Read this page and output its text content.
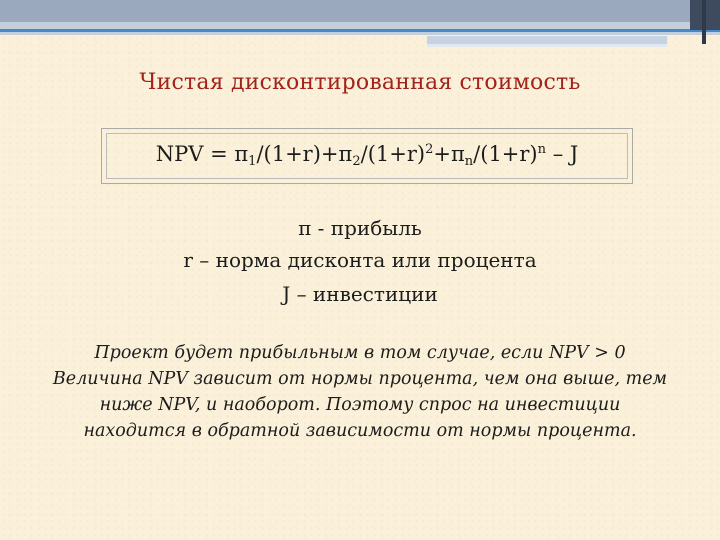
Чистая дисконтированная стоимость
NPV = $\pi_1/(1+r)+\pi_2/(1+r)^2+\pi_n/(1+r)^n - J$
π - прибыль
r – норма дисконта или процента
J – инвестиции
Проект будет прибыльным в том случае, если NPV > 0
Величина NPV зависит от нормы процента, чем она выше, тем
ниже NPV, и наоборот. Поэтому спрос на инвестиции
находится в обратной зависимости от нормы процента.
